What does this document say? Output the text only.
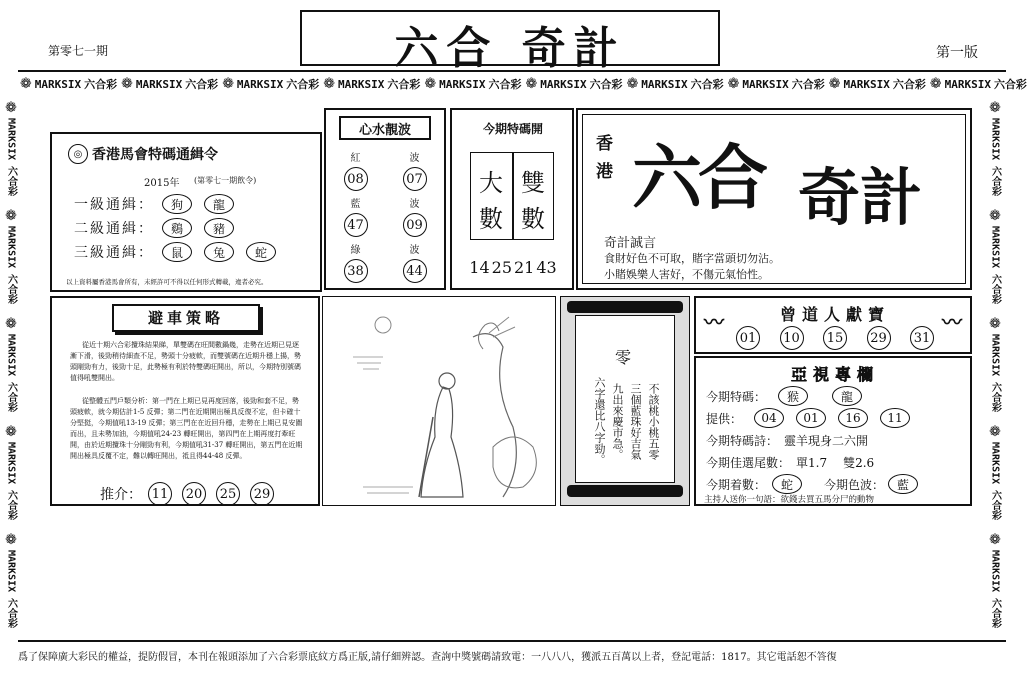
第零七一期	六合 奇計	第一版
❁ MARKSIX 六合彩 ❁ MARKSIX 六合彩 ❁ MARKSIX 六合彩 ❁ MARKSIX 六合彩 ❁ MARKSIX 六合彩 ❁ MARKSIX 六合彩 ❁ MARKSIX 六合彩 ❁ MARKSIX 六合彩 ❁ MARKSIX 六合彩 ❁ MARKSIX 六合彩
❁
MARKSIX 六合彩
❁
MARKSIX 六合彩
❁
MARKSIX 六合彩
❁
MARKSIX 六合彩
❁
MARKSIX 六合彩
❁
MARKSIX 六合彩
❁
MARKSIX 六合彩
❁
MARKSIX 六合彩
❁
MARKSIX 六合彩
❁
MARKSIX 六合彩
◎ 香港馬會特碼通緝令
2015年 (第零七一期飲令)
一級通緝：	狗	龍
二級通緝：	鷄	豬
三級通緝：	鼠	兔	蛇
以上資料屬香港馬會所有，未經許可不得以任何形式轉載，違者必究。
心水靚波
紅	波
08	07
藍	波
47	09
綠	波
38	44
今期特碼開
大
數
雙
數
14 25 21 43
香港 六合 奇計
奇計誠言
食財好色不可取，賭字當頭切勿沾。
小賭娛樂人害好，不傷元氣怡性。
避車策略
從近十期六合彩攪珠結果睇，單雙碼在旺間數鍋幾，走勢在近期已見逐漸下滑，後勁稍待細查不足，勢頭十分疲軟，而雙號碼在近期升穩上揚，勢頭剛勁有力，後勁十足，此勢極有利於特雙碼旺開出，所以，今期特別號碼值得吼雙開出。
從整體五門戶類分析：第一門在上期已見再度回落，後勁和套不足，勢頭疲軟，就今期估計1-5 反彈；第二門在近期開出極具反復不定，但卡確十分堅挺，今期值吼13-19 反彈；第三門在在近回升穩，走勢在上期已見安圍而出，且未勢加油，今期值吼24-23 轉旺開出，第四門在上期再度打牽旺開，由於近期攪珠十分剛勁有利，今期值吼31-37 轉旺開出，第五門在近期開出極具反覆不定，難以轉旺開出，祗且得44-48 反彈。
推介： 11 20 25 29
零
不該桃小桃五零
三個藍珠好吉氣
九出來慶市急。
六字還比八字勁。
〰	〰
曾道人獻寶
01 10 15 29 31
亞視專欄
今期特碼：	猴	龍
提供：	04	01	16	11
今期特碼詩： 靈羊現身二六開
今期佳選尾數： 單1.7 雙2.6
今期着數：	蛇	今期色波：	藍
主持人送你一句語：欲錢去買五馬分尸的動物
爲了保障廣大彩民的權益，提防假冒，本刊在報頭添加了六合彩票底紋方爲正版,請仔細辨認。查詢中獎號碼請致電：一八八八，獲派五百萬以上者，登記電話：1817。其它電話恕不答復
